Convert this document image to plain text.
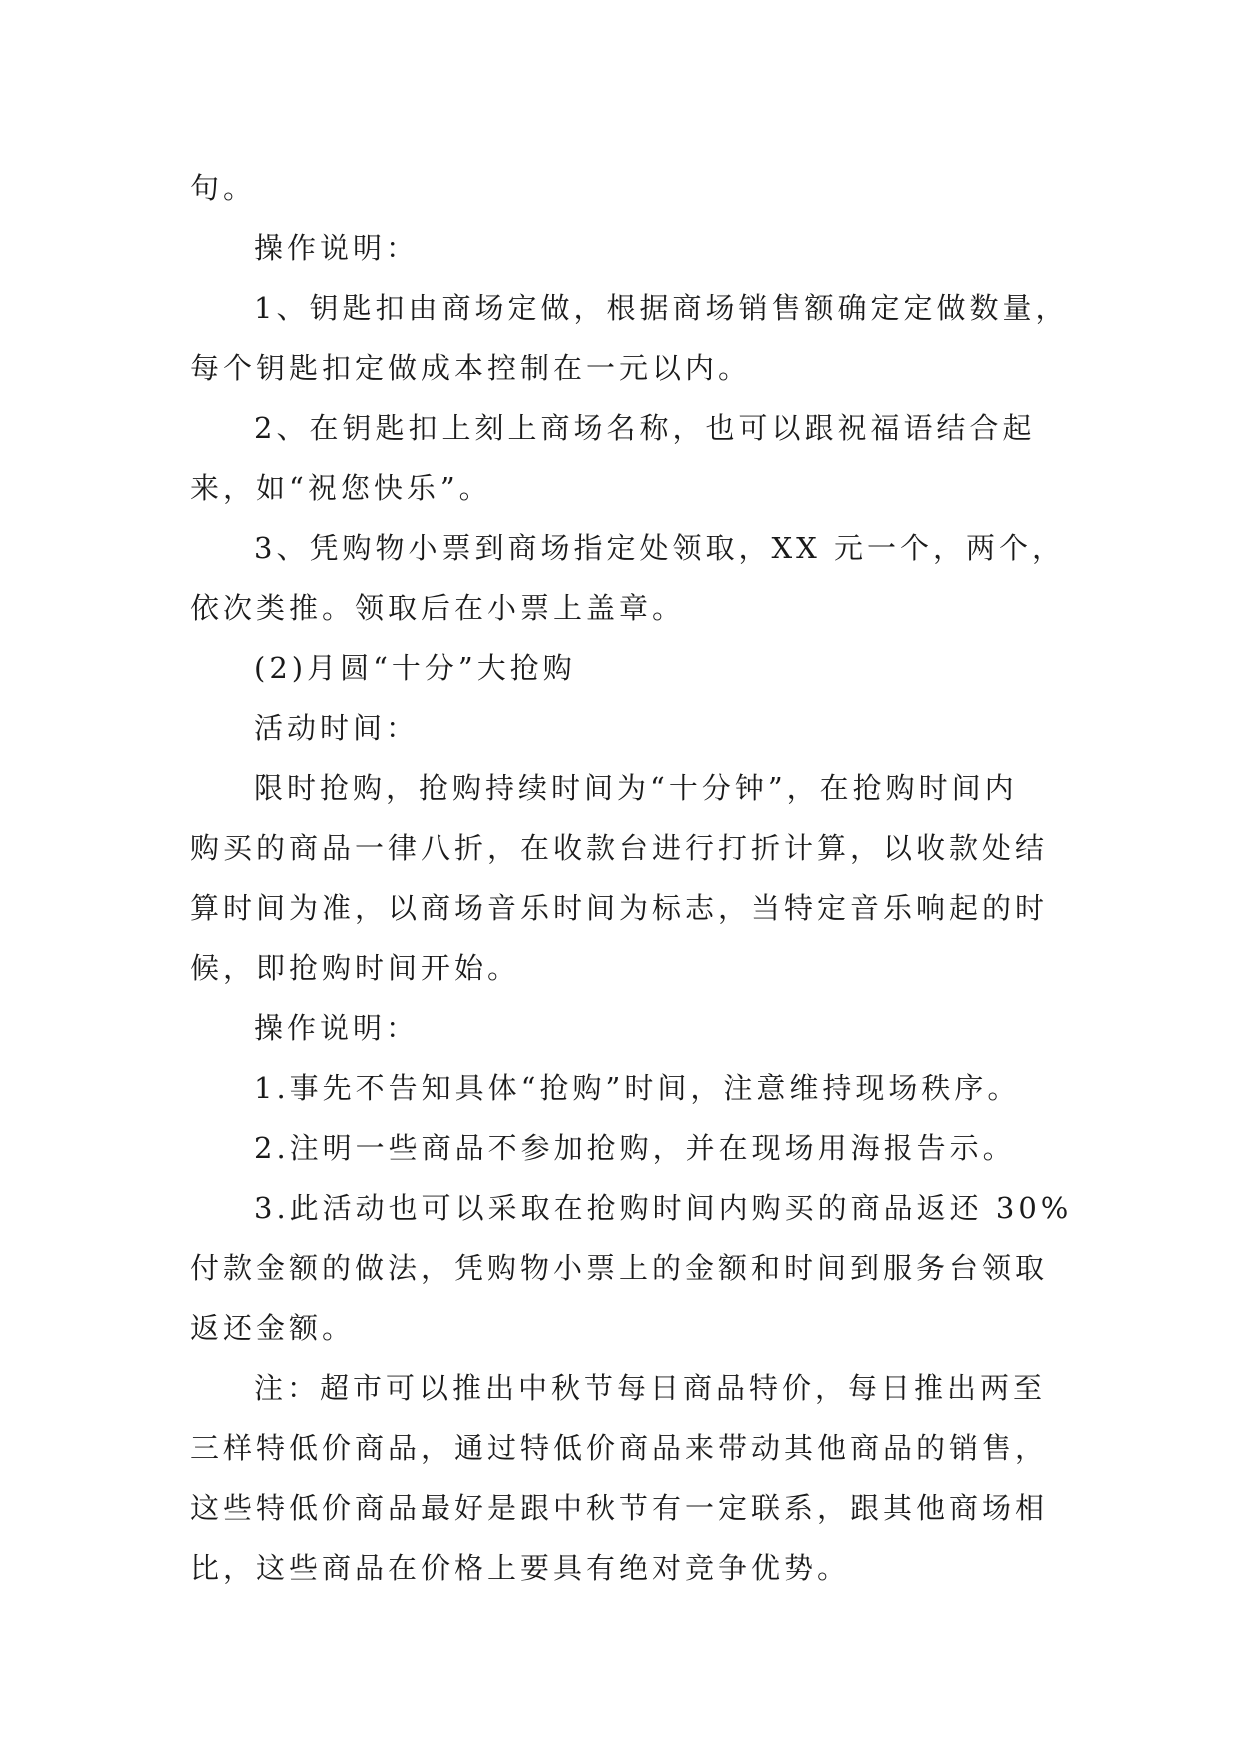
句。
操作说明：
1、钥匙扣由商场定做，根据商场销售额确定定做数量，
每个钥匙扣定做成本控制在一元以内。
2、在钥匙扣上刻上商场名称，也可以跟祝福语结合起
来，如“祝您快乐”。
3、凭购物小票到商场指定处领取，XX 元一个，两个，
依次类推。领取后在小票上盖章。
(2)月圆“十分”大抢购
活动时间：
限时抢购，抢购持续时间为“十分钟”，在抢购时间内
购买的商品一律八折，在收款台进行打折计算，以收款处结
算时间为准，以商场音乐时间为标志，当特定音乐响起的时
候，即抢购时间开始。
操作说明：
1.事先不告知具体“抢购”时间，注意维持现场秩序。
2.注明一些商品不参加抢购，并在现场用海报告示。
3.此活动也可以采取在抢购时间内购买的商品返还 30%
付款金额的做法，凭购物小票上的金额和时间到服务台领取
返还金额。
注：超市可以推出中秋节每日商品特价，每日推出两至
三样特低价商品，通过特低价商品来带动其他商品的销售，
这些特低价商品最好是跟中秋节有一定联系，跟其他商场相
比，这些商品在价格上要具有绝对竞争优势。
